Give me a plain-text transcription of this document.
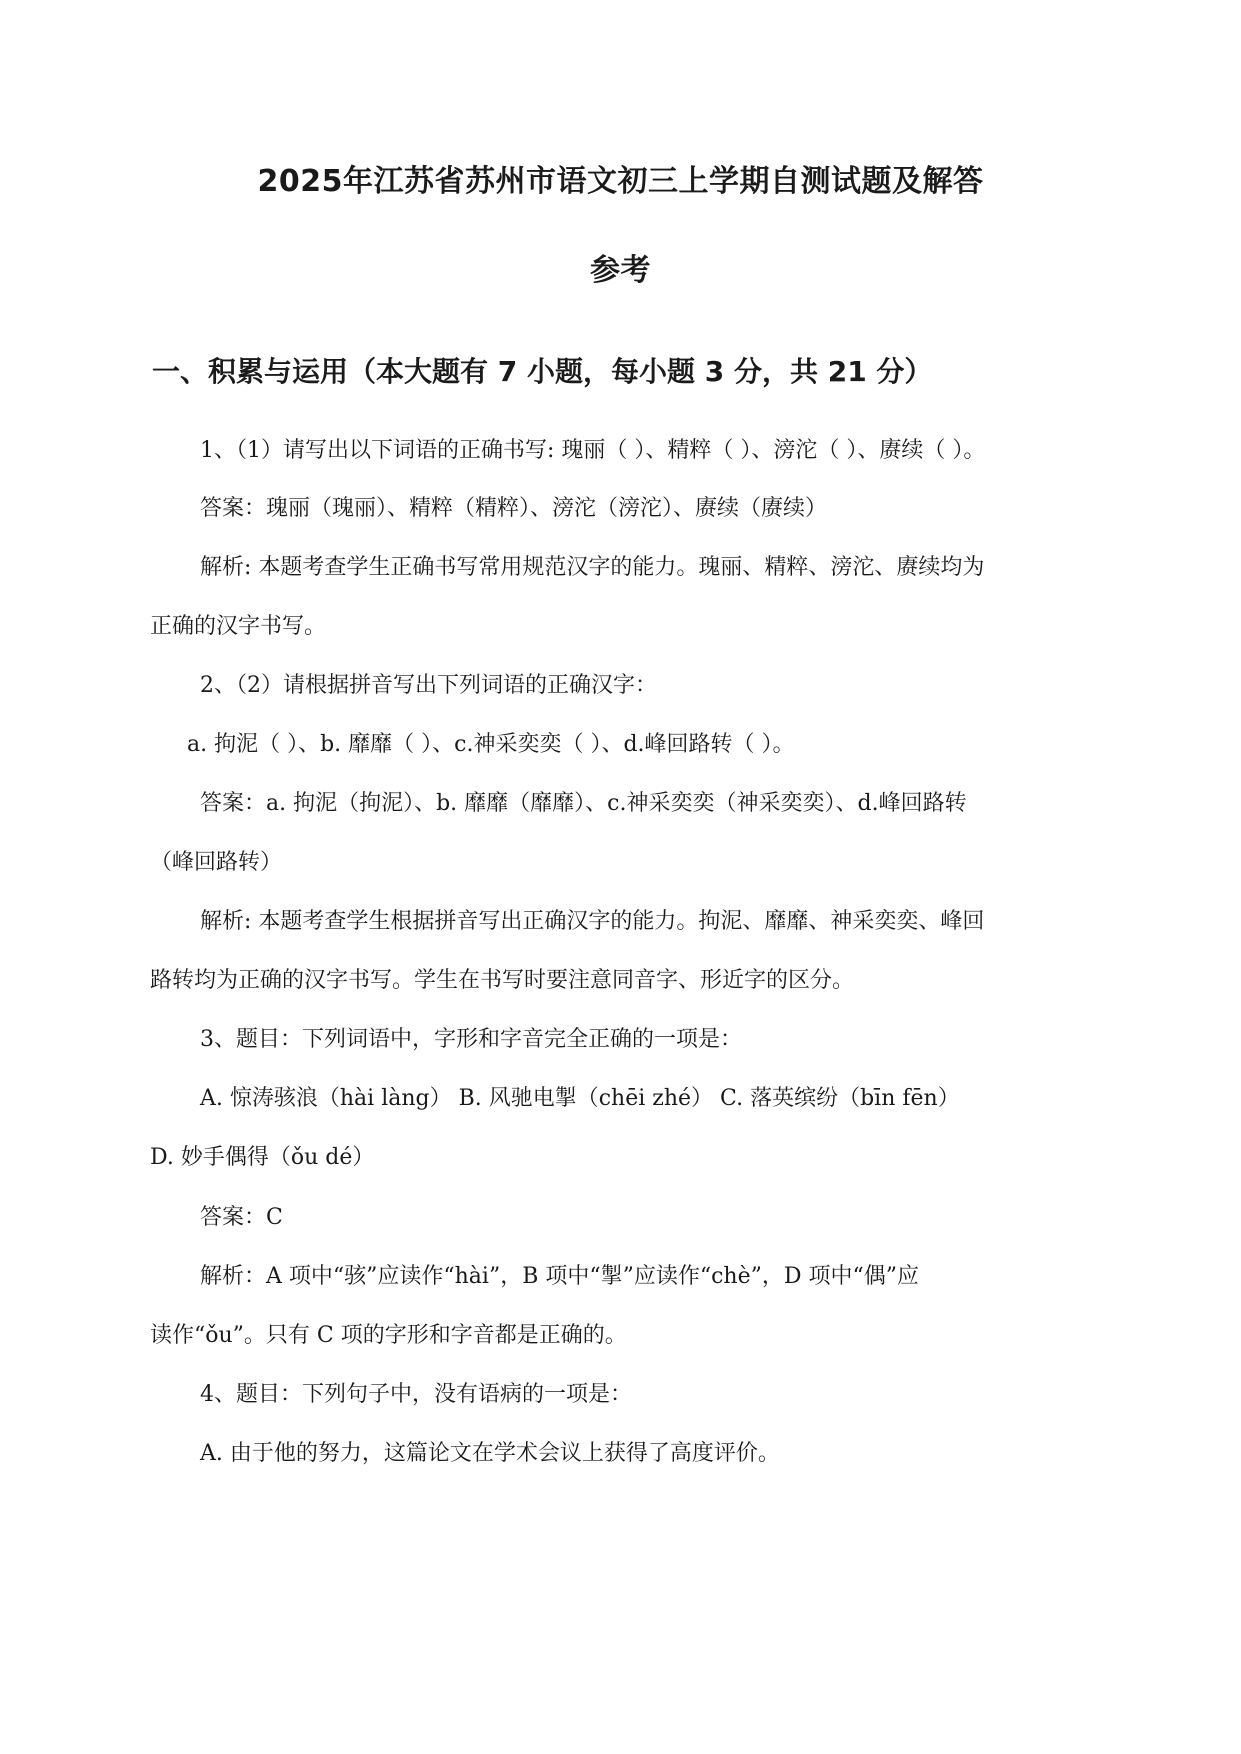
2025年江苏省苏州市语文初三上学期自测试题及解答
参考
一、积累与运用（本大题有 7 小题，每小题 3 分，共 21 分）
1、（1）请写出以下词语的正确书写: 瑰丽（ ）、精粹（ ）、滂沱（ ）、赓续（ ）。
答案：瑰丽（瑰丽）、精粹（精粹）、滂沱（滂沱）、赓续（赓续）
解析: 本题考查学生正确书写常用规范汉字的能力。瑰丽、精粹、滂沱、赓续均为
正确的汉字书写。
2、（2）请根据拼音写出下列词语的正确汉字：
a. 拘泥（ ）、b. 靡靡（ ）、c.神采奕奕（ ）、d.峰回路转（ ）。
答案：a. 拘泥（拘泥）、b. 靡靡（靡靡）、c.神采奕奕（神采奕奕）、d.峰回路转
（峰回路转）
解析: 本题考查学生根据拼音写出正确汉字的能力。拘泥、靡靡、神采奕奕、峰回
路转均为正确的汉字书写。学生在书写时要注意同音字、形近字的区分。
3、题目：下列词语中，字形和字音完全正确的一项是：
A. 惊涛骇浪（hài làng） B. 风驰电掣（chēi zhé） C. 落英缤纷（bīn fēn）
D. 妙手偶得（ǒu dé）
答案：C
解析：A 项中“骇”应读作“hài”，B 项中“掣”应读作“chè”，D 项中“偶”应
读作“ǒu”。只有 C 项的字形和字音都是正确的。
4、题目：下列句子中，没有语病的一项是：
A. 由于他的努力，这篇论文在学术会议上获得了高度评价。
